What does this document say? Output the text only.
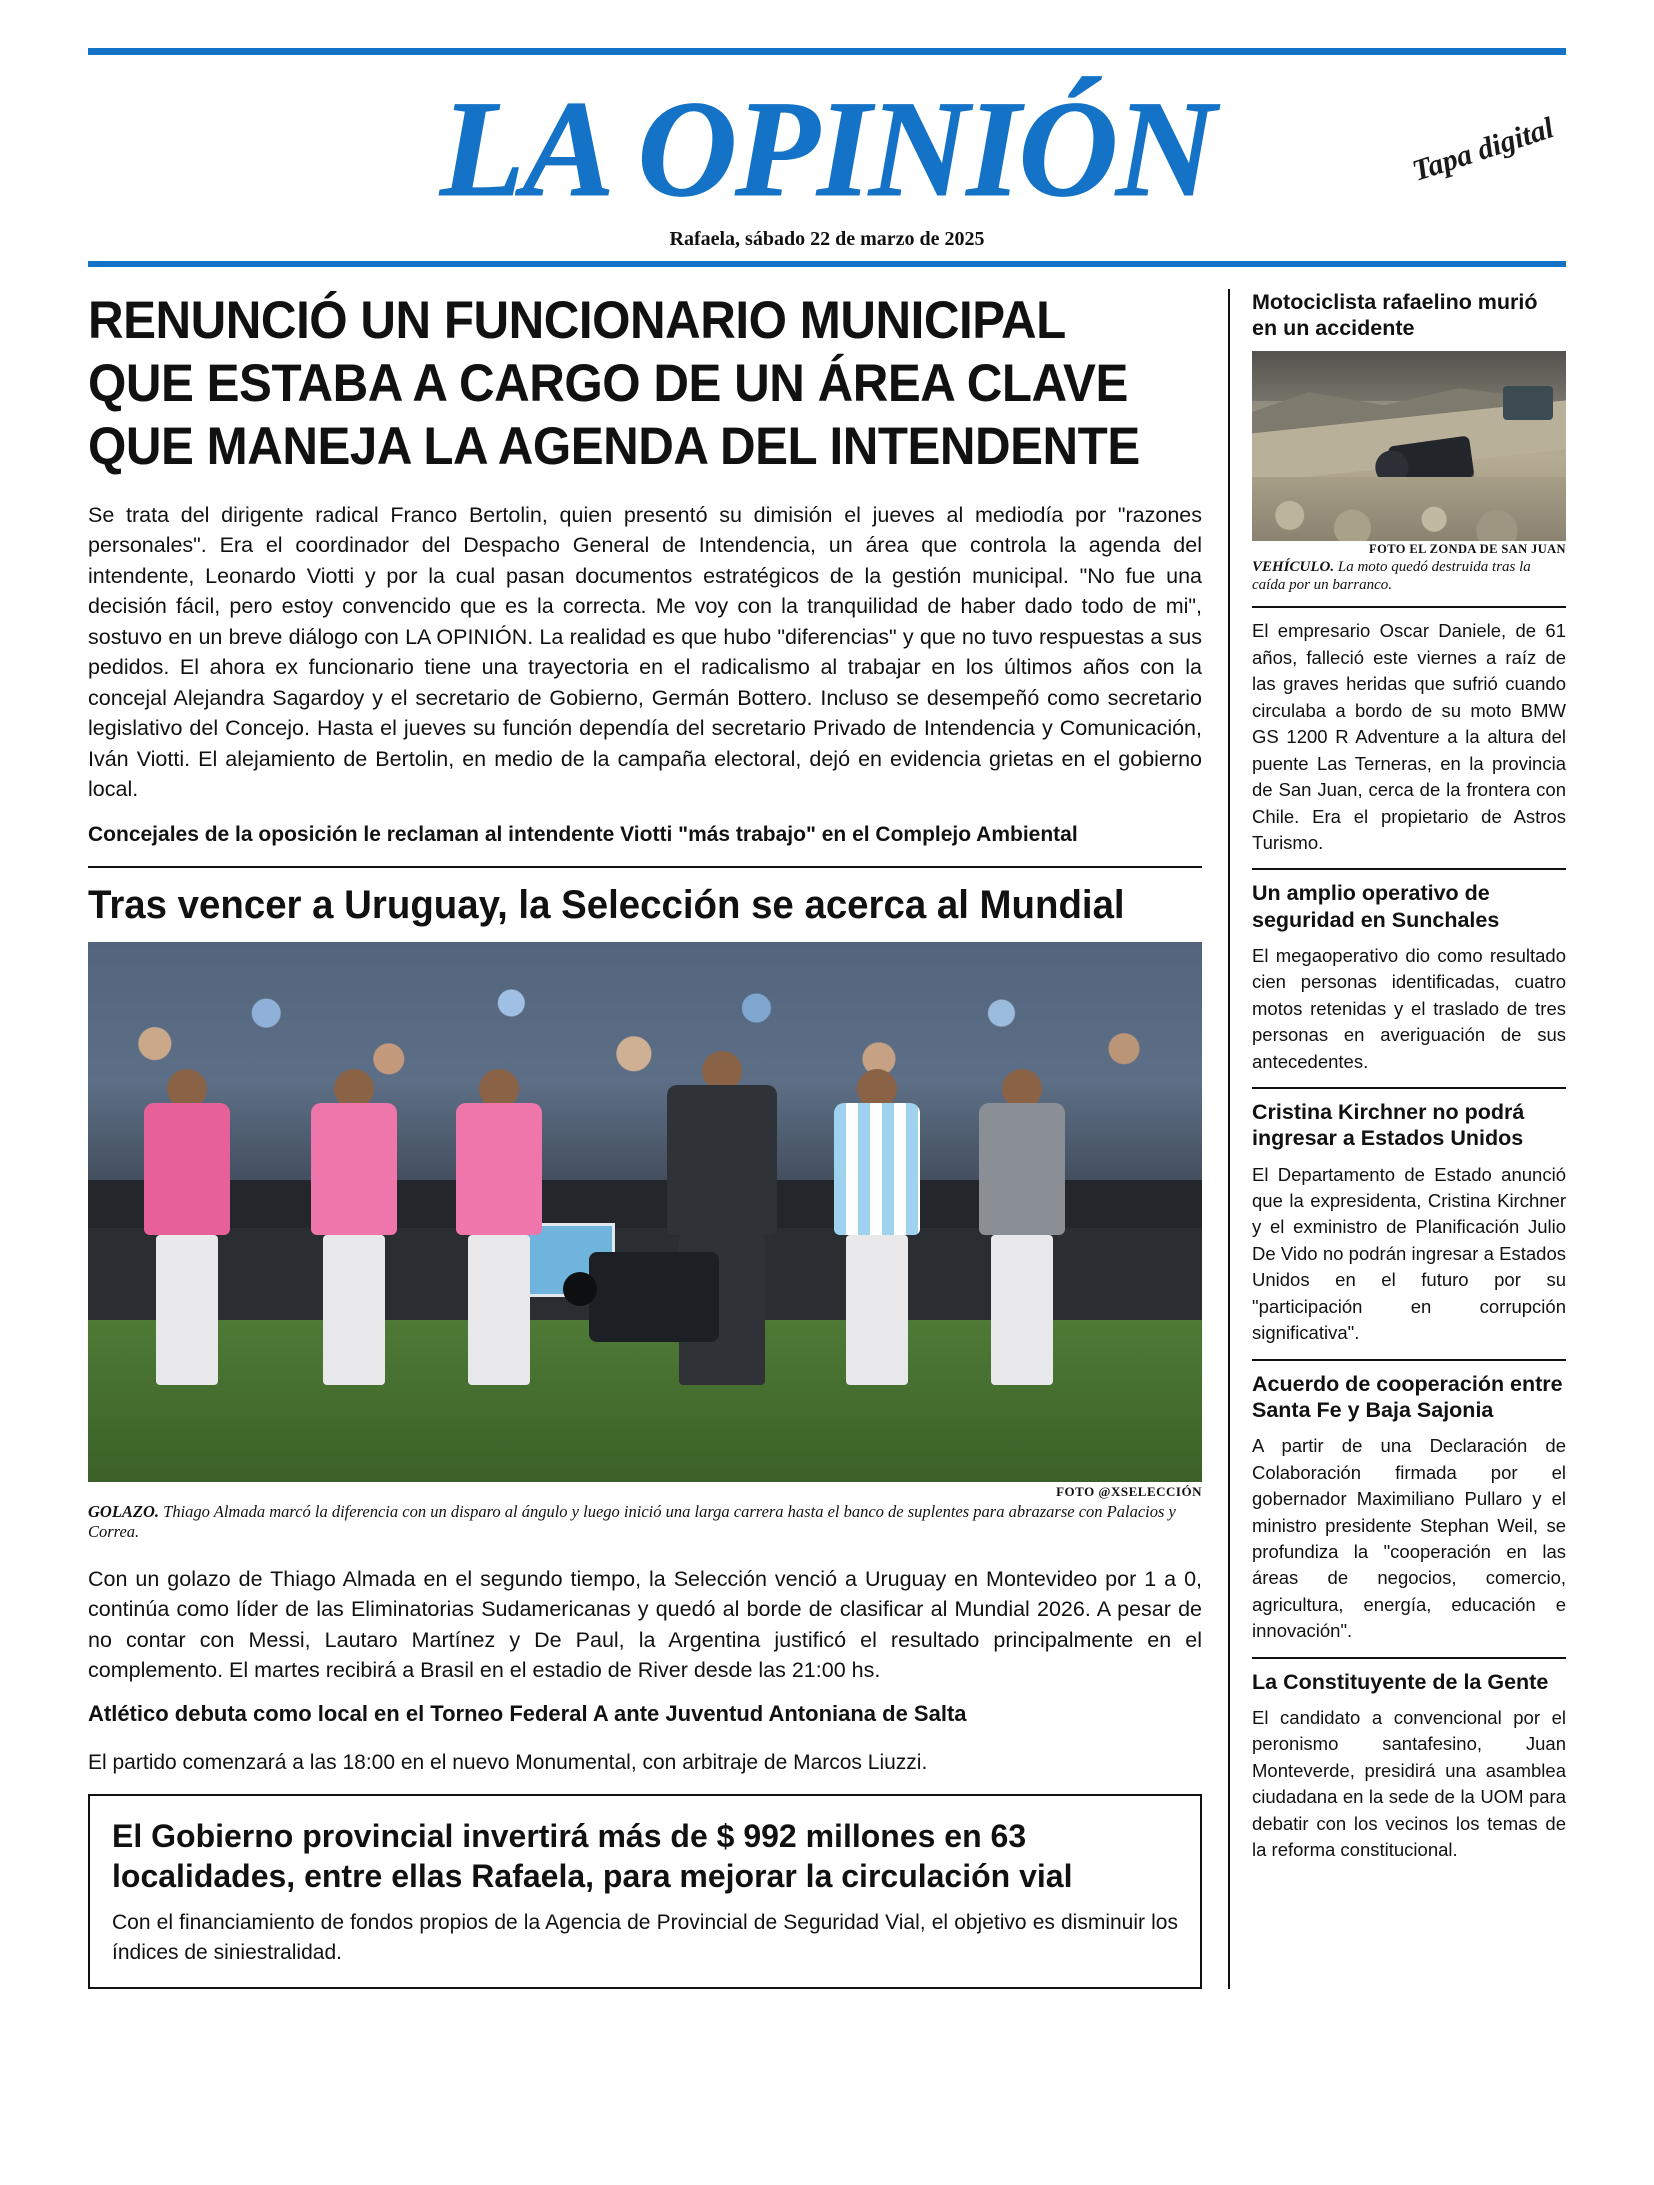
LA OPINIÓN	Tapa digital
Rafaela, sábado 22 de marzo de 2025
RENUNCIÓ UN FUNCIONARIO MUNICIPAL
QUE ESTABA A CARGO DE UN ÁREA CLAVE
QUE MANEJA LA AGENDA DEL INTENDENTE

Se trata del dirigente radical Franco Bertolin, quien presentó su dimisión el jueves al mediodía por "razones personales". Era el coordinador del Despacho General de Intendencia, un área que controla la agenda del intendente, Leonardo Viotti y por la cual pasan documentos estratégicos de la gestión municipal. "No fue una decisión fácil, pero estoy convencido que es la correcta. Me voy con la tranquilidad de haber dado todo de mi", sostuvo en un breve diálogo con LA OPINIÓN. La realidad es que hubo "diferencias" y que no tuvo respuestas a sus pedidos. El ahora ex funcionario tiene una trayectoria en el radicalismo al trabajar en los últimos años con la concejal Alejandra Sagardoy y el secretario de Gobierno, Germán Bottero. Incluso se desempeñó como secretario legislativo del Concejo. Hasta el jueves su función dependía del secretario Privado de Intendencia y Comunicación, Iván Viotti. El alejamiento de Bertolin, en medio de la campaña electoral, dejó en evidencia grietas en el gobierno local.

Concejales de la oposición le reclaman al intendente Viotti "más trabajo" en el Complejo Ambiental
Tras vencer a Uruguay, la Selección se acerca al Mundial
FOTO @XSELECCIÓN
GOLAZO. Thiago Almada marcó la diferencia con un disparo al ángulo y luego inició una larga carrera hasta el banco de suplentes para abrazarse con Palacios y Correa.

Con un golazo de Thiago Almada en el segundo tiempo, la Selección venció a Uruguay en Montevideo por 1 a 0, continúa como líder de las Eliminatorias Sudamericanas y quedó al borde de clasificar al Mundial 2026. A pesar de no contar con Messi, Lautaro Martínez y De Paul, la Argentina justificó el resultado principalmente en el complemento. El martes recibirá a Brasil en el estadio de River desde las 21:00 hs.

Atlético debuta como local en el Torneo Federal A ante Juventud Antoniana de Salta

El partido comenzará a las 18:00 en el nuevo Monumental, con arbitraje de Marcos Liuzzi.

El Gobierno provincial invertirá más de $ 992 millones en 63 localidades, entre ellas Rafaela, para mejorar la circulación vial

Con el financiamiento de fondos propios de la Agencia de Provincial de Seguridad Vial, el objetivo es disminuir los índices de siniestralidad.

Motociclista rafaelino murió en un accidente
FOTO EL ZONDA DE SAN JUAN
VEHÍCULO. La moto quedó destruida tras la caída por un barranco.

El empresario Oscar Daniele, de 61 años, falleció este viernes a raíz de las graves heridas que sufrió cuando circulaba a bordo de su moto BMW GS 1200 R Adventure a la altura del puente Las Terneras, en la provincia de San Juan, cerca de la frontera con Chile. Era el propietario de Astros Turismo.

Un amplio operativo de seguridad en Sunchales

El megaoperativo dio como resultado cien personas identificadas, cuatro motos retenidas y el traslado de tres personas en averiguación de sus antecedentes.

Cristina Kirchner no podrá ingresar a Estados Unidos

El Departamento de Estado anunció que la expresidenta, Cristina Kirchner y el exministro de Planificación Julio De Vido no podrán ingresar a Estados Unidos en el futuro por su "participación en corrupción significativa".

Acuerdo de cooperación entre Santa Fe y Baja Sajonia

A partir de una Declaración de Colaboración firmada por el gobernador Maximiliano Pullaro y el ministro presidente Stephan Weil, se profundiza la "cooperación en las áreas de negocios, comercio, agricultura, energía, educación e innovación".

La Constituyente de la Gente

El candidato a convencional por el peronismo santafesino, Juan Monteverde, presidirá una asamblea ciudadana en la sede de la UOM para debatir con los vecinos los temas de la reforma constitucional.
